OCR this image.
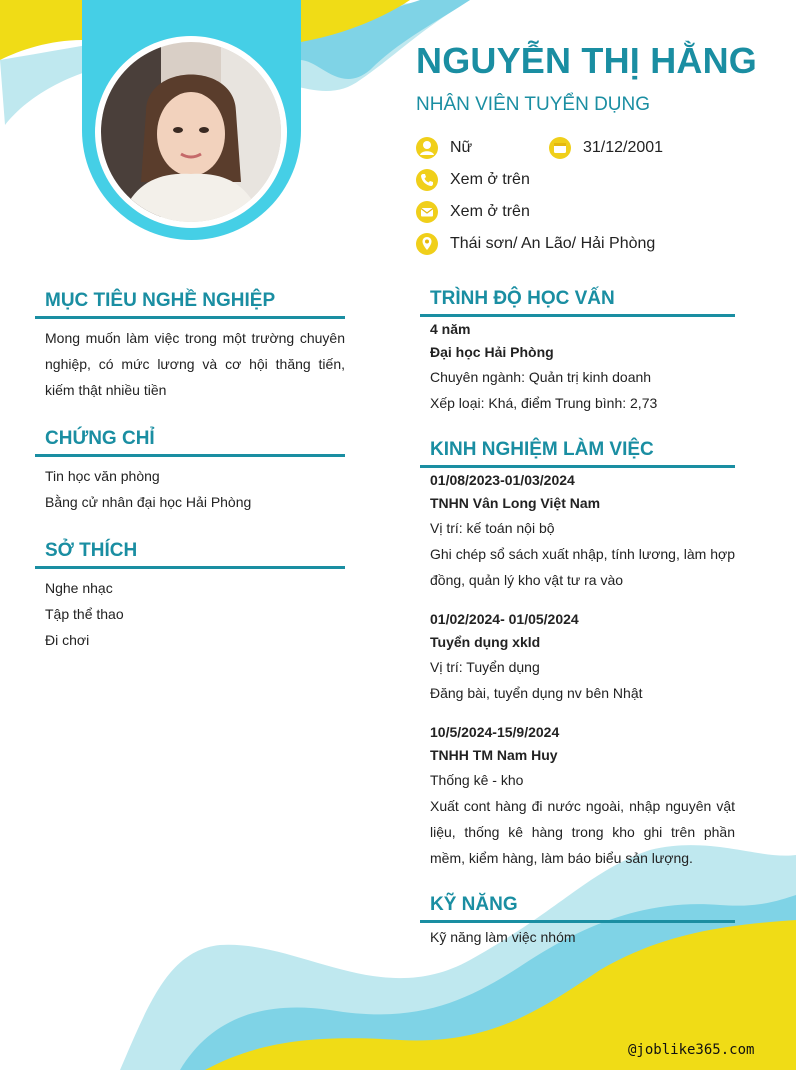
NGUYỄN THỊ HẰNG
NHÂN VIÊN TUYỂN DỤNG
Nữ	31/12/2001
Xem ở trên
Xem ở trên
Thái sơn/ An Lão/ Hải Phòng
MỤC TIÊU NGHỀ NGHIỆP
Mong muốn làm việc trong một trường chuyên nghiệp, có mức lương và cơ hội thăng tiến, kiếm thật nhiều tiền
CHỨNG CHỈ
Tin học văn phòng
Bằng cử nhân đại học Hải Phòng
SỞ THÍCH
Nghe nhạc
Tập thể thao
Đi chơi
TRÌNH ĐỘ HỌC VẤN
4 năm
Đại học Hải Phòng
Chuyên ngành: Quản trị kinh doanh
Xếp loại: Khá, điểm Trung bình: 2,73
KINH NGHIỆM LÀM VIỆC
01/08/2023-01/03/2024
TNHN Vân Long Việt Nam
Vị trí: kế toán nội bộ
Ghi chép sổ sách xuất nhập, tính lương, làm hợp đồng, quản lý kho vật tư ra vào
01/02/2024- 01/05/2024
Tuyển dụng xkld
Vị trí: Tuyển dụng
Đăng bài, tuyển dụng nv bên Nhật
10/5/2024-15/9/2024
TNHH TM Nam Huy
Thống kê - kho
Xuất cont hàng đi nước ngoài, nhập nguyên vật liệu, thống kê hàng trong kho ghi trên phần mềm, kiểm hàng, làm báo biểu sản lượng.
KỸ NĂNG
Kỹ năng làm việc nhóm
@joblike365.com
